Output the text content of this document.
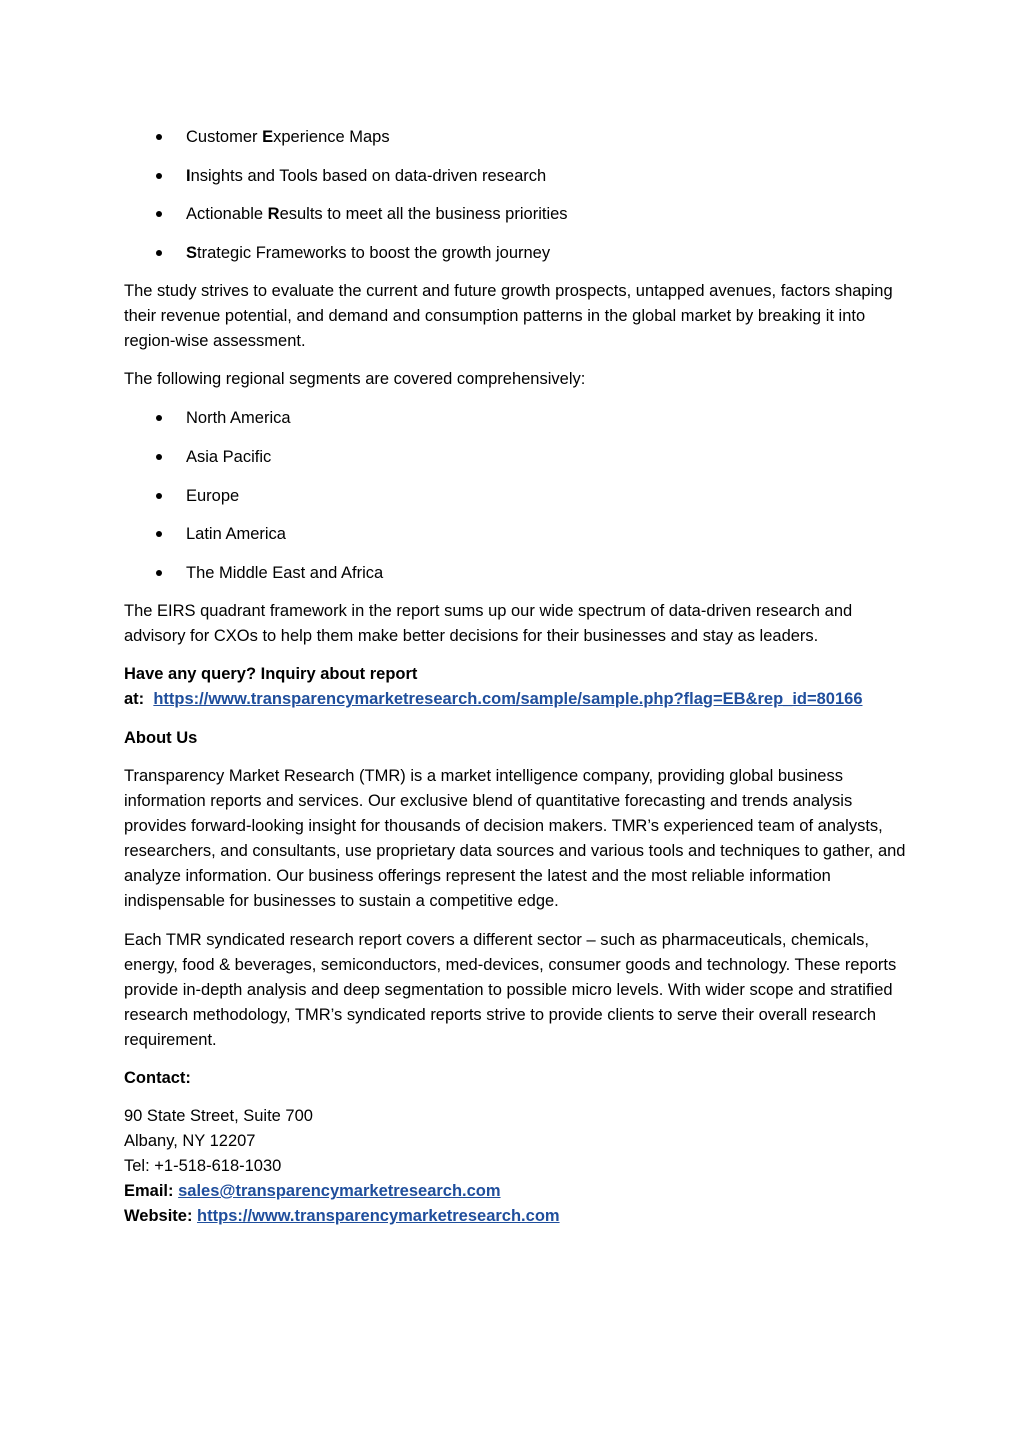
Customer Experience Maps
Insights and Tools based on data-driven research
Actionable Results to meet all the business priorities
Strategic Frameworks to boost the growth journey

The study strives to evaluate the current and future growth prospects, untapped avenues, factors shaping their revenue potential, and demand and consumption patterns in the global market by breaking it into region-wise assessment.

The following regional segments are covered comprehensively:

North America
Asia Pacific
Europe
Latin America
The Middle East and Africa

The EIRS quadrant framework in the report sums up our wide spectrum of data-driven research and advisory for CXOs to help them make better decisions for their businesses and stay as leaders.

Have any query? Inquiry about report
at:  https://www.transparencymarketresearch.com/sample/sample.php?flag=EB&rep_id=80166
About Us

Transparency Market Research (TMR) is a market intelligence company, providing global business information reports and services. Our exclusive blend of quantitative forecasting and trends analysis provides forward-looking insight for thousands of decision makers. TMR’s experienced team of analysts, researchers, and consultants, use proprietary data sources and various tools and techniques to gather, and analyze information. Our business offerings represent the latest and the most reliable information indispensable for businesses to sustain a competitive edge.

Each TMR syndicated research report covers a different sector – such as pharmaceuticals, chemicals, energy, food & beverages, semiconductors, med-devices, consumer goods and technology. These reports provide in-depth analysis and deep segmentation to possible micro levels. With wider scope and stratified research methodology, TMR’s syndicated reports strive to provide clients to serve their overall research requirement.

Contact:
90 State Street, Suite 700
Albany, NY 12207
Tel: +1-518-618-1030
Email: sales@transparencymarketresearch.com
Website: https://www.transparencymarketresearch.com
